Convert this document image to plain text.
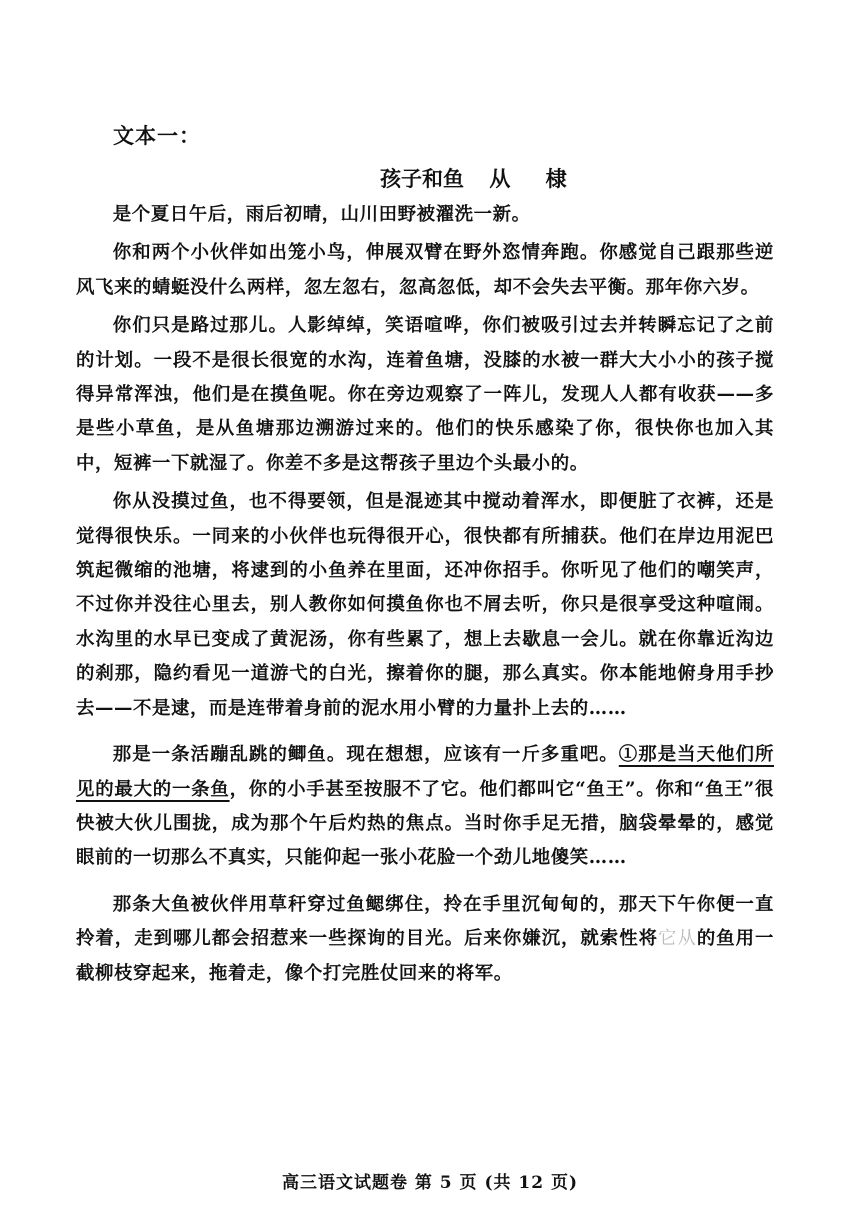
文本一：
孩子和鱼 从 棣

是个夏日午后，雨后初晴，山川田野被濯洗一新。

你和两个小伙伴如出笼小鸟，伸展双臂在野外恣情奔跑。你感觉自己跟那些逆风飞来的蜻蜓没什么两样，忽左忽右，忽高忽低，却不会失去平衡。那年你六岁。

你们只是路过那儿。人影绰绰，笑语喧哗，你们被吸引过去并转瞬忘记了之前的计划。一段不是很长很宽的水沟，连着鱼塘，没膝的水被一群大大小小的孩子搅得异常浑浊，他们是在摸鱼呢。你在旁边观察了一阵儿，发现人人都有收获——多是些小草鱼，是从鱼塘那边溯游过来的。他们的快乐感染了你，很快你也加入其中，短裤一下就湿了。你差不多是这帮孩子里边个头最小的。

你从没摸过鱼，也不得要领，但是混迹其中搅动着浑水，即便脏了衣裤，还是觉得很快乐。一同来的小伙伴也玩得很开心，很快都有所捕获。他们在岸边用泥巴筑起微缩的池塘，将逮到的小鱼养在里面，还冲你招手。你听见了他们的嘲笑声，不过你并没往心里去，别人教你如何摸鱼你也不屑去听，你只是很享受这种喧闹。水沟里的水早已变成了黄泥汤，你有些累了，想上去歇息一会儿。就在你靠近沟边的刹那，隐约看见一道游弋的白光，擦着你的腿，那么真实。你本能地俯身用手抄去——不是逮，而是连带着身前的泥水用小臂的力量扑上去的……

那是一条活蹦乱跳的鲫鱼。现在想想，应该有一斤多重吧。①那是当天他们所见的最大的一条鱼，你的小手甚至按服不了它。他们都叫它“鱼王”。你和“鱼王”很快被大伙儿围拢，成为那个午后灼热的焦点。当时你手足无措，脑袋晕晕的，感觉眼前的一切那么不真实，只能仰起一张小花脸一个劲儿地傻笑……

那条大鱼被伙伴用草秆穿过鱼鳃绑住，拎在手里沉甸甸的，那天下午你便一直拎着，走到哪儿都会招惹来一些探询的目光。后来你嫌沉，就索性将它从的鱼用一截柳枝穿起来，拖着走，像个打完胜仗回来的将军。

高三语文试题卷 第 5 页 (共 12 页)
